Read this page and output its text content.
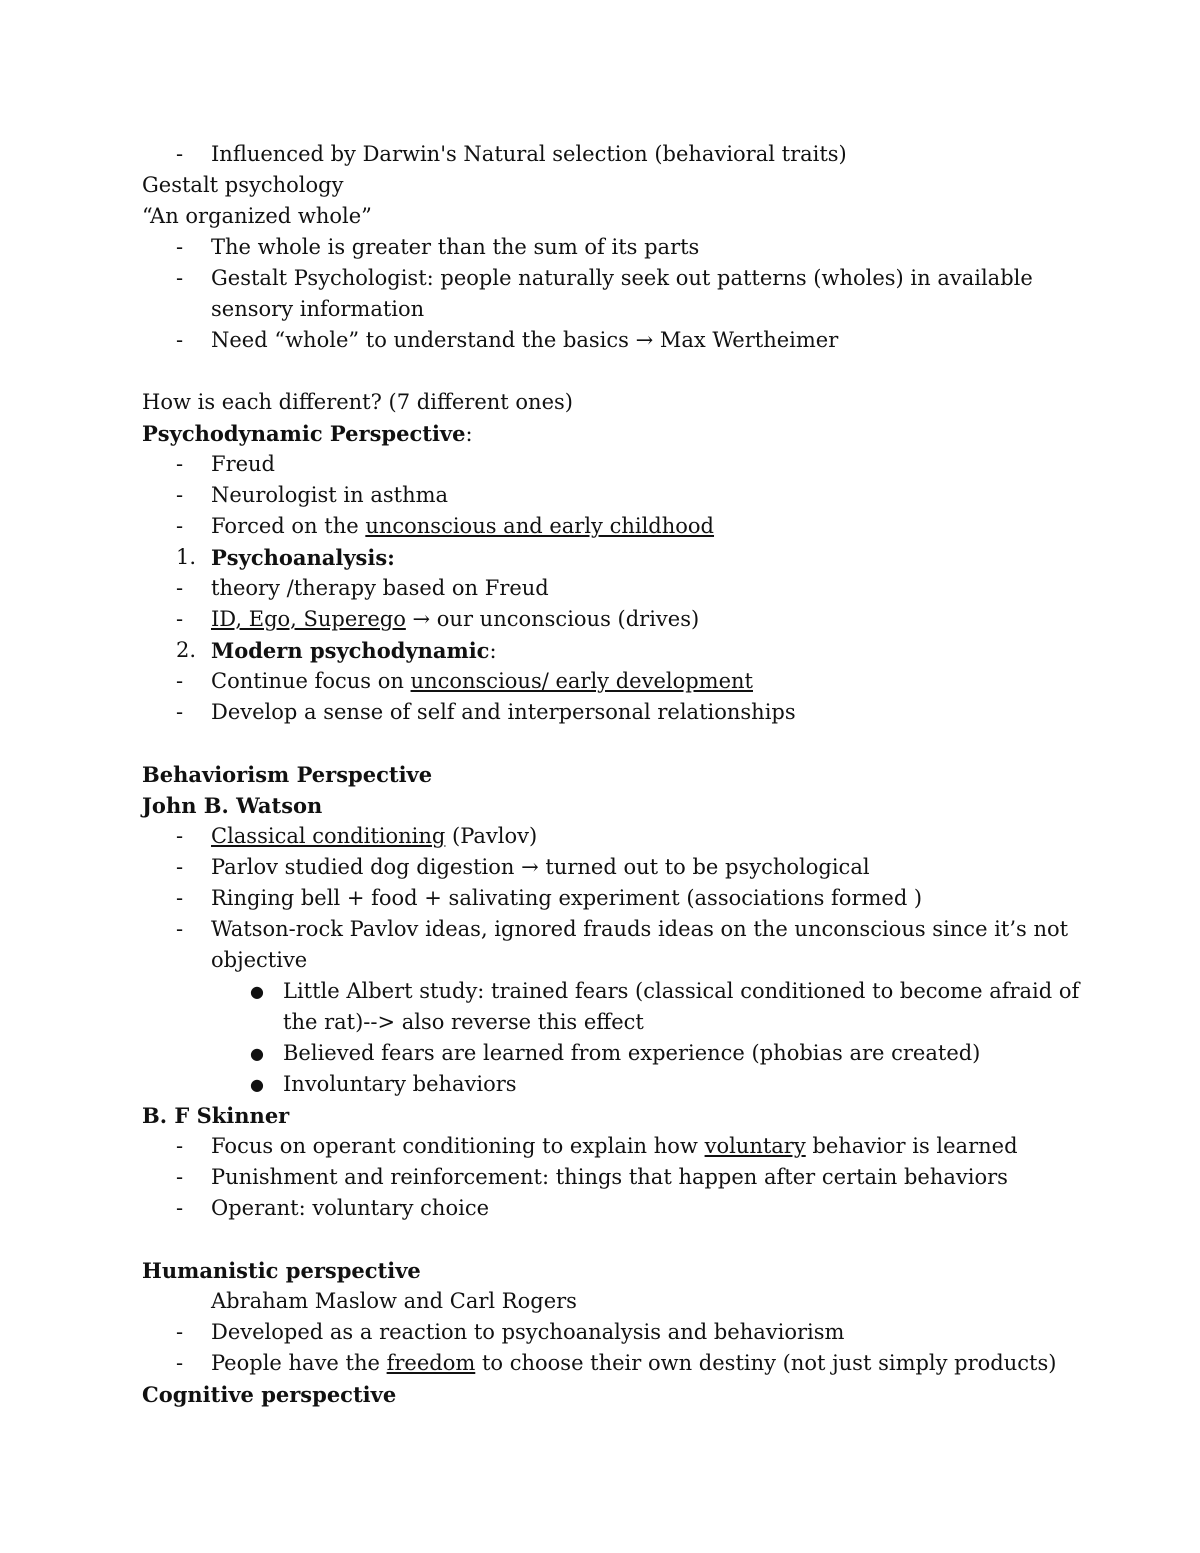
-	Influenced by Darwin's Natural selection (behavioral traits)
Gestalt psychology
“An organized whole”
-	The whole is greater than the sum of its parts
-	Gestalt Psychologist: people naturally seek out patterns (wholes) in available
sensory information
-	Need “whole” to understand the basics → Max Wertheimer
How is each different? (7 different ones)
Psychodynamic Perspective:
-	Freud
-	Neurologist in asthma
-	Forced on the unconscious and early childhood
1. Psychoanalysis:
-	theory /therapy based on Freud
-	ID, Ego, Superego → our unconscious (drives)
2. Modern psychodynamic:
-	Continue focus on unconscious/ early development
-	Develop a sense of self and interpersonal relationships
Behaviorism Perspective
John B. Watson
-	Classical conditioning (Pavlov)
-	Parlov studied dog digestion → turned out to be psychological
-	Ringing bell + food + salivating experiment (associations formed )
-	Watson-rock Pavlov ideas, ignored frauds ideas on the unconscious since it’s not
objective
● Little Albert study: trained fears (classical conditioned to become afraid of
the rat)--> also reverse this effect
● Believed fears are learned from experience (phobias are created)
● Involuntary behaviors
B. F Skinner
-	Focus on operant conditioning to explain how voluntary behavior is learned
-	Punishment and reinforcement: things that happen after certain behaviors
-	Operant: voluntary choice
Humanistic perspective
Abraham Maslow and Carl Rogers
-	Developed as a reaction to psychoanalysis and behaviorism
-	People have the freedom to choose their own destiny (not just simply products)
Cognitive perspective
